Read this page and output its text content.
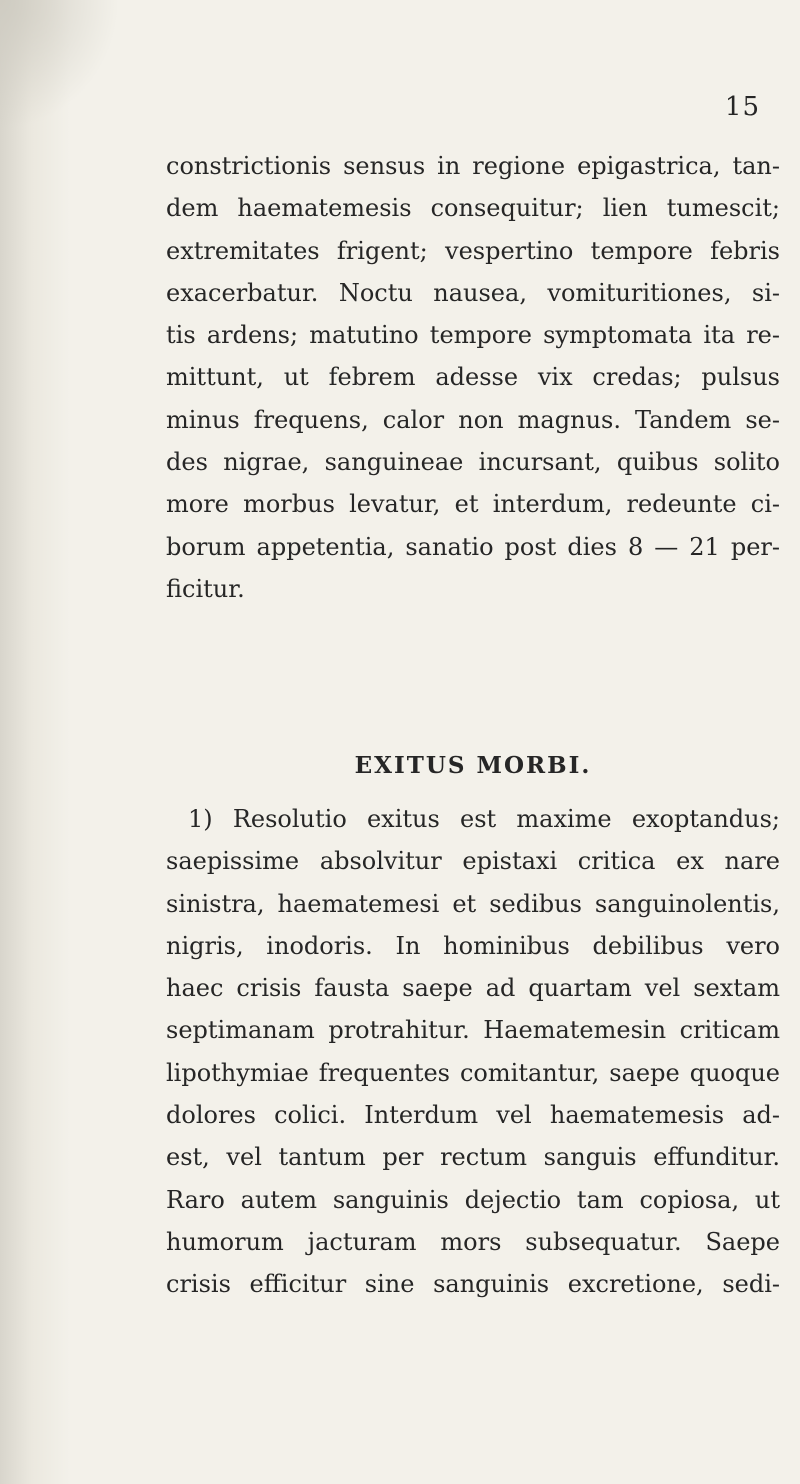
15
constrictionis sensus in regione epigastrica, tan-
dem haematemesis consequitur; lien tumescit;
extremitates frigent; vespertino tempore febris
exacerbatur. Noctu nausea, vomituritiones, si-
tis ardens; matutino tempore symptomata ita re-
mittunt, ut febrem adesse vix credas; pulsus
minus frequens, calor non magnus. Tandem se-
des nigrae, sanguineae incursant, quibus solito
more morbus levatur, et interdum, redeunte ci-
borum appetentia, sanatio post dies 8 — 21 per-
ficitur.
EXITUS MORBI.
1) Resolutio exitus est maxime exoptandus;
saepissime absolvitur epistaxi critica ex nare
sinistra, haematemesi et sedibus sanguinolentis,
nigris, inodoris. In hominibus debilibus vero
haec crisis fausta saepe ad quartam vel sextam
septimanam protrahitur. Haematemesin criticam
lipothymiae frequentes comitantur, saepe quoque
dolores colici. Interdum vel haematemesis ad-
est, vel tantum per rectum sanguis effunditur.
Raro autem sanguinis dejectio tam copiosa, ut
humorum jacturam mors subsequatur. Saepe
crisis efficitur sine sanguinis excretione, sedi-
